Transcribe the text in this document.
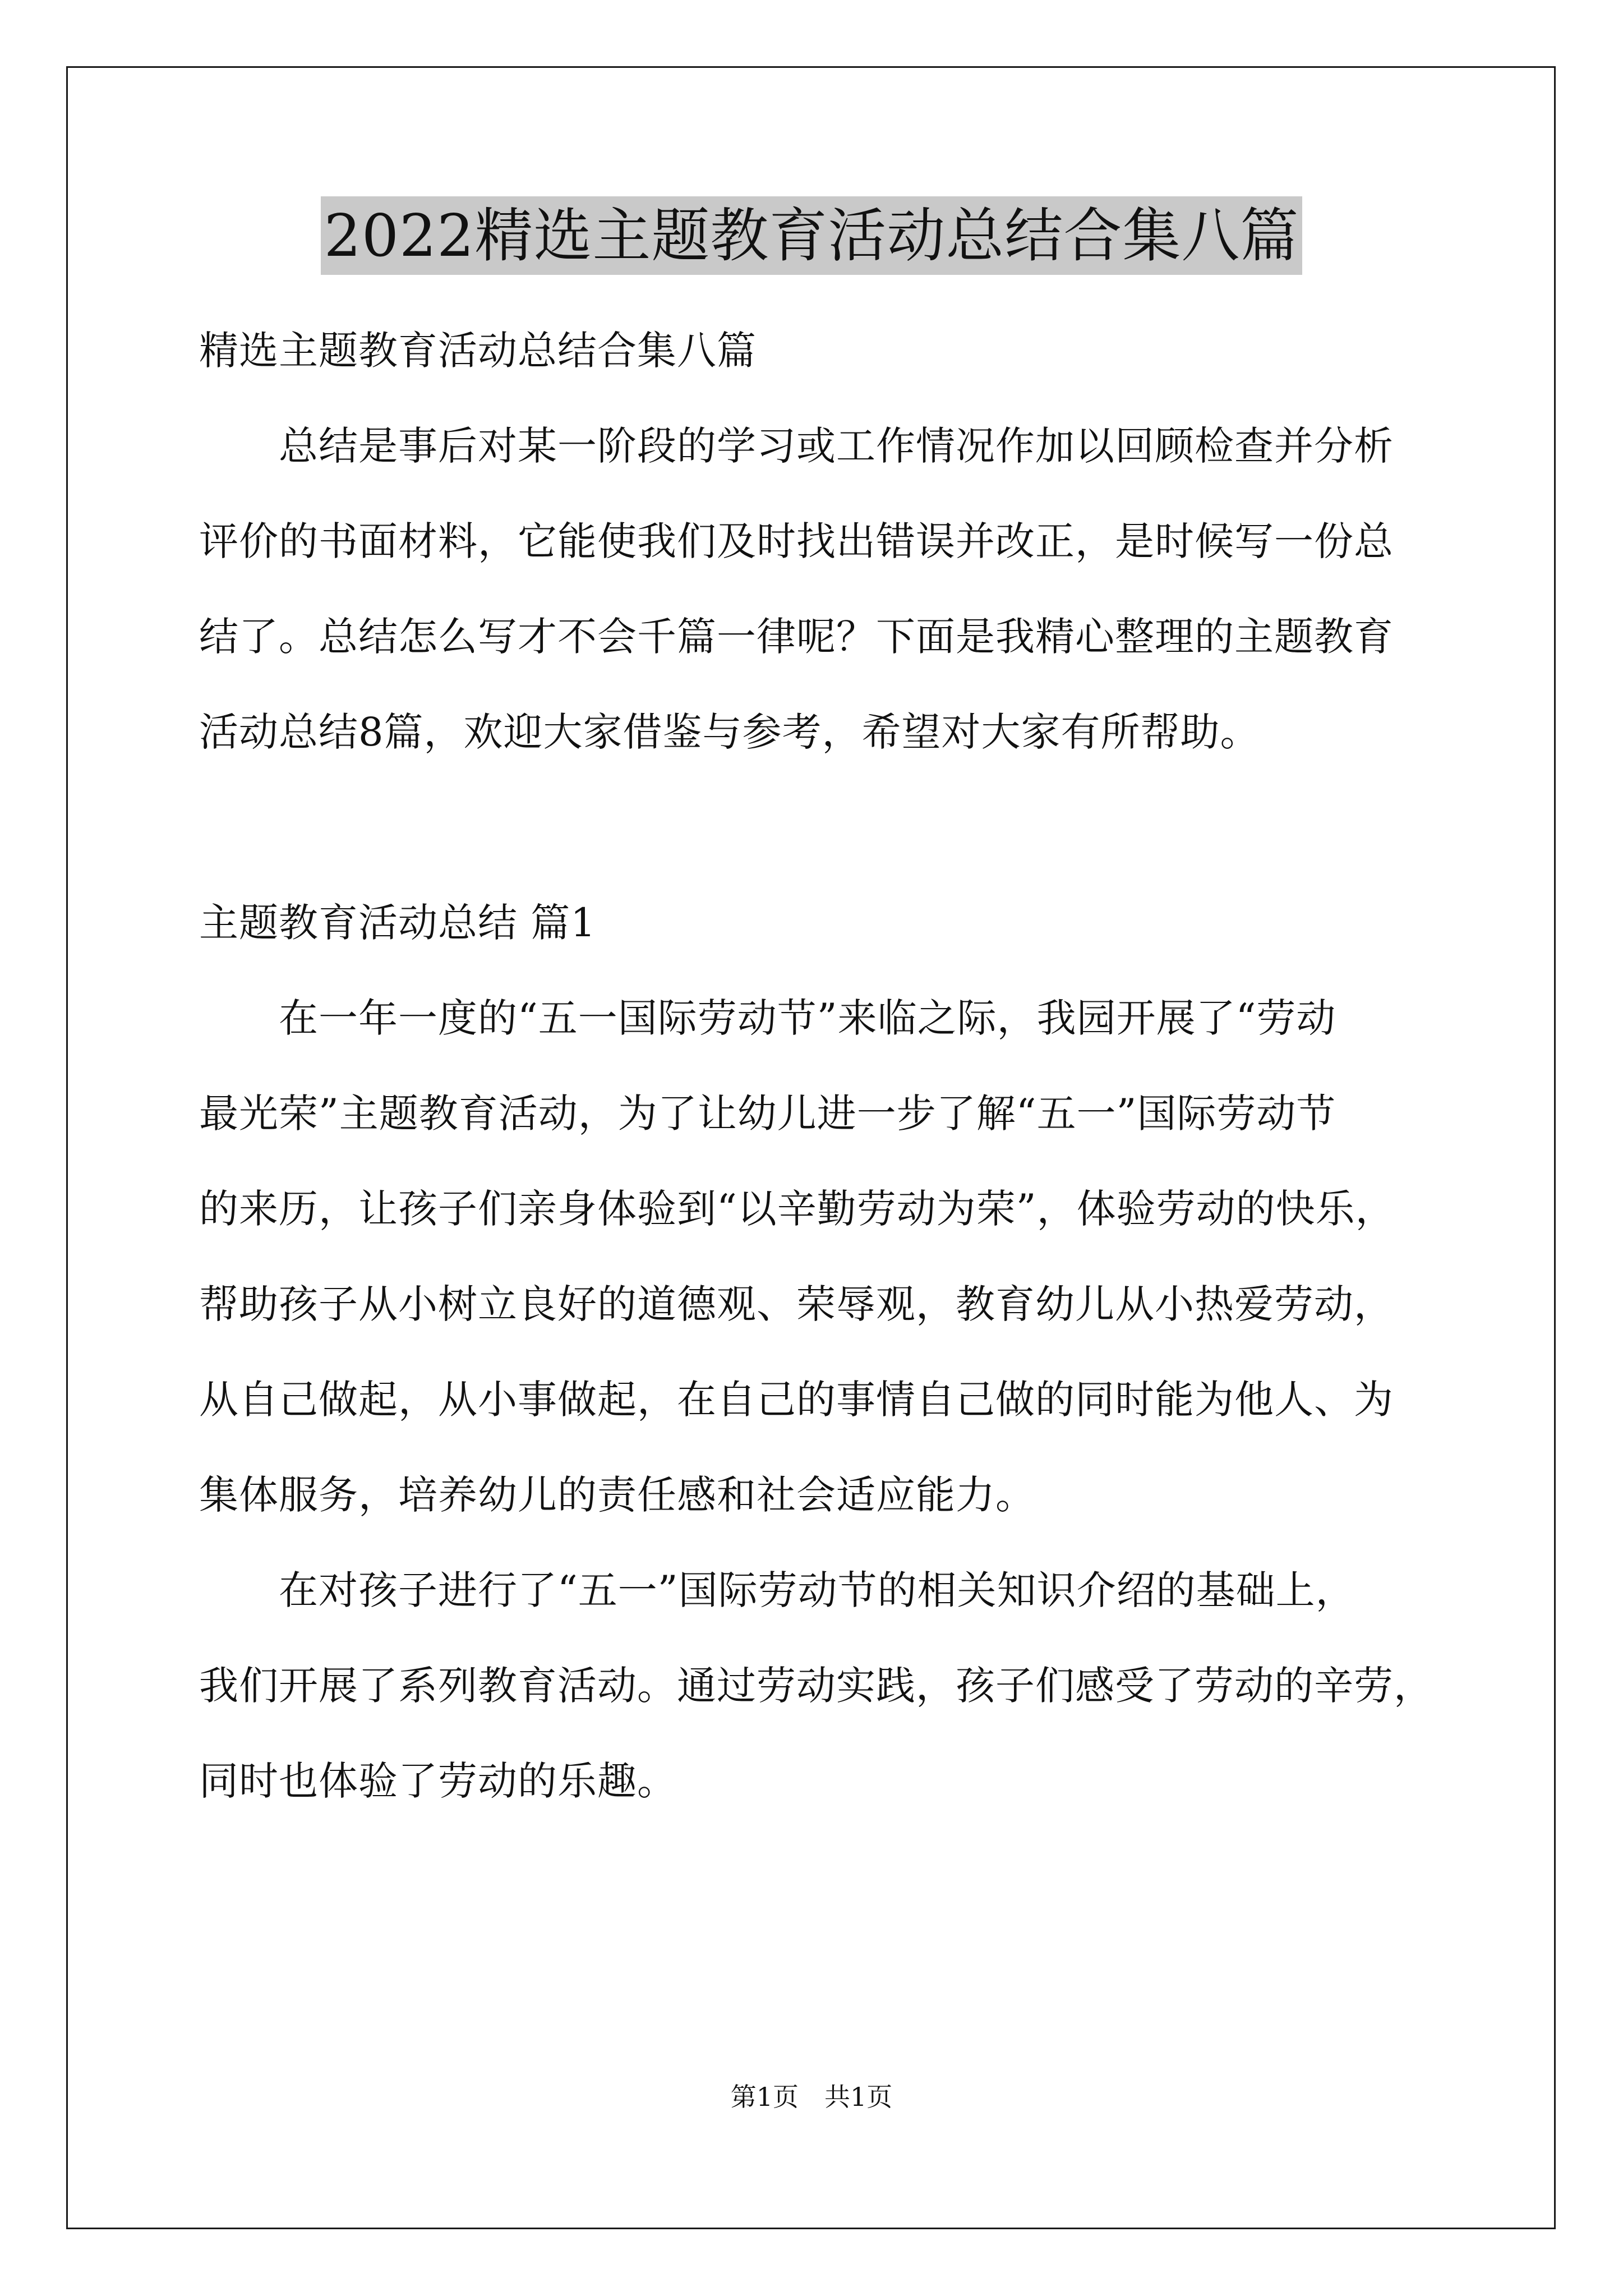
2022精选主题教育活动总结合集八篇
精选主题教育活动总结合集八篇
　　总结是事后对某一阶段的学习或工作情况作加以回顾检查并分析
评价的书面材料，它能使我们及时找出错误并改正，是时候写一份总
结了。总结怎么写才不会千篇一律呢？下面是我精心整理的主题教育
活动总结8篇，欢迎大家借鉴与参考，希望对大家有所帮助。
主题教育活动总结 篇1
　　在一年一度的“五一国际劳动节”来临之际，我园开展了“劳动
最光荣”主题教育活动，为了让幼儿进一步了解“五一”国际劳动节
的来历，让孩子们亲身体验到“以辛勤劳动为荣”，体验劳动的快乐，
帮助孩子从小树立良好的道德观、荣辱观，教育幼儿从小热爱劳动，
从自己做起，从小事做起，在自己的事情自己做的同时能为他人、为
集体服务，培养幼儿的责任感和社会适应能力。
　　在对孩子进行了“五一”国际劳动节的相关知识介绍的基础上，
我们开展了系列教育活动。通过劳动实践，孩子们感受了劳动的辛劳，
同时也体验了劳动的乐趣。
第1页　共1页
